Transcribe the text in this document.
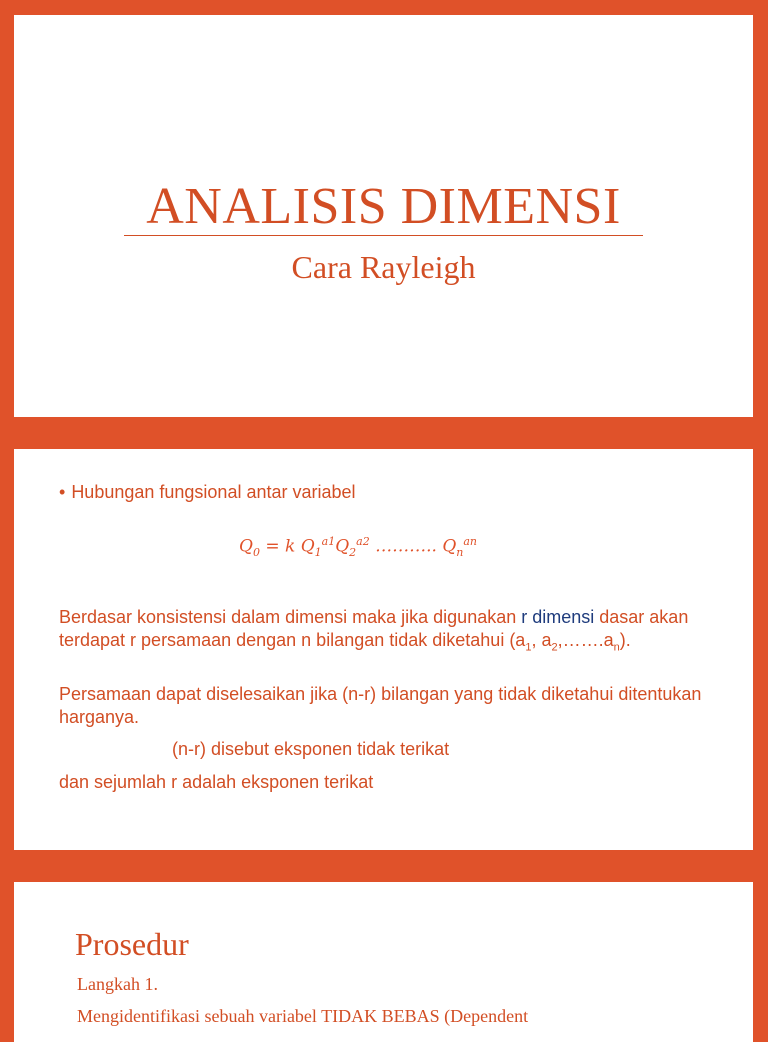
ANALISIS DIMENSI
Cara Rayleigh
• Hubungan fungsional antar variabel
$Q_0 = k$ $Q_1^{a1}Q_2^{a2}$ ……….. $Q_n^{an}$
Berdasar konsistensi dalam dimensi maka jika digunakan r dimensi dasar akan terdapat r persamaan dengan n bilangan tidak diketahui ($a_1$, $a_2,\dots\dots.a_n$).
Persamaan dapat diselesaikan jika (n-r) bilangan yang tidak diketahui ditentukan harganya.
(n-r) disebut eksponen tidak terikat
dan sejumlah r adalah eksponen terikat
Prosedur
Langkah 1.
Mengidentifikasi sebuah variabel TIDAK BEBAS (Dependent
